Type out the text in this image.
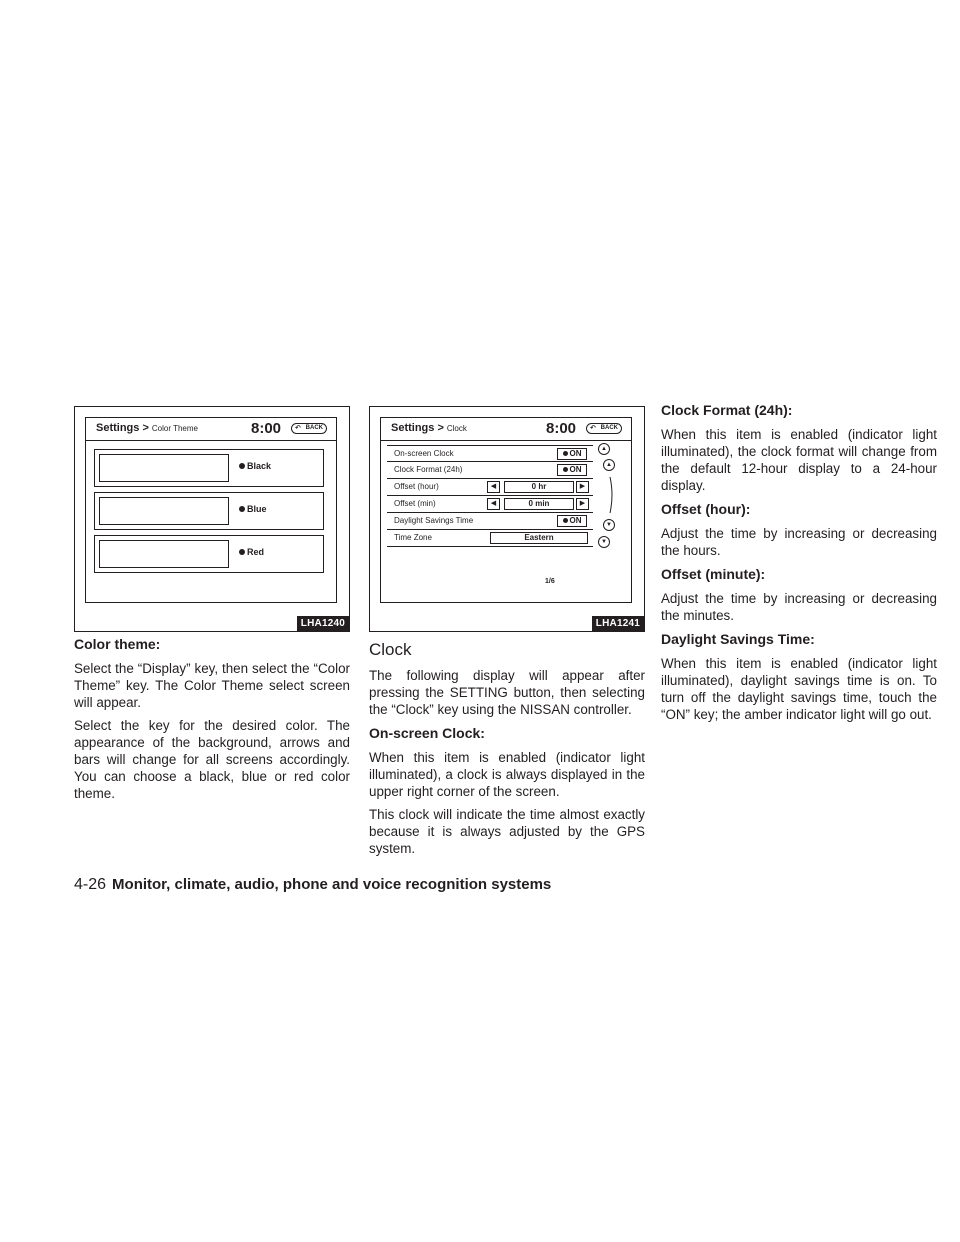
Settings > Color Theme	8:00 ↶ BACK
Black
Blue
Red
LHA1240
Color theme:

Select the “Display” key, then select the “Color Theme” key. The Color Theme select screen will appear.

Select the key for the desired color. The appearance of the background, arrows and bars will change for all screens accordingly. You can choose a black, blue or red color theme.

Settings > Clock	8:00 ↶ BACK
On-screen Clock	ON
Clock Format (24h)	ON
Offset (hour)	◀	0 hr	▶
Offset (min)	◀	0 min	▶
Daylight Savings Time	ON
Time Zone	Eastern
▲
▲
▼
▼
1/6
LHA1241
Clock

The following display will appear after pressing the SETTING button, then selecting the “Clock” key using the NISSAN controller.

On-screen Clock:

When this item is enabled (indicator light illuminated), a clock is always displayed in the upper right corner of the screen.

This clock will indicate the time almost exactly because it is always adjusted by the GPS system.

Clock Format (24h):

When this item is enabled (indicator light illuminated), the clock format will change from the default 12-hour display to a 24-hour display.

Offset (hour):

Adjust the time by increasing or decreasing the hours.

Offset (minute):

Adjust the time by increasing or decreasing the minutes.

Daylight Savings Time:

When this item is enabled (indicator light illuminated), daylight savings time is on. To turn off the daylight savings time, touch the “ON” key; the amber indicator light will go out.

4-26 Monitor, climate, audio, phone and voice recognition systems
